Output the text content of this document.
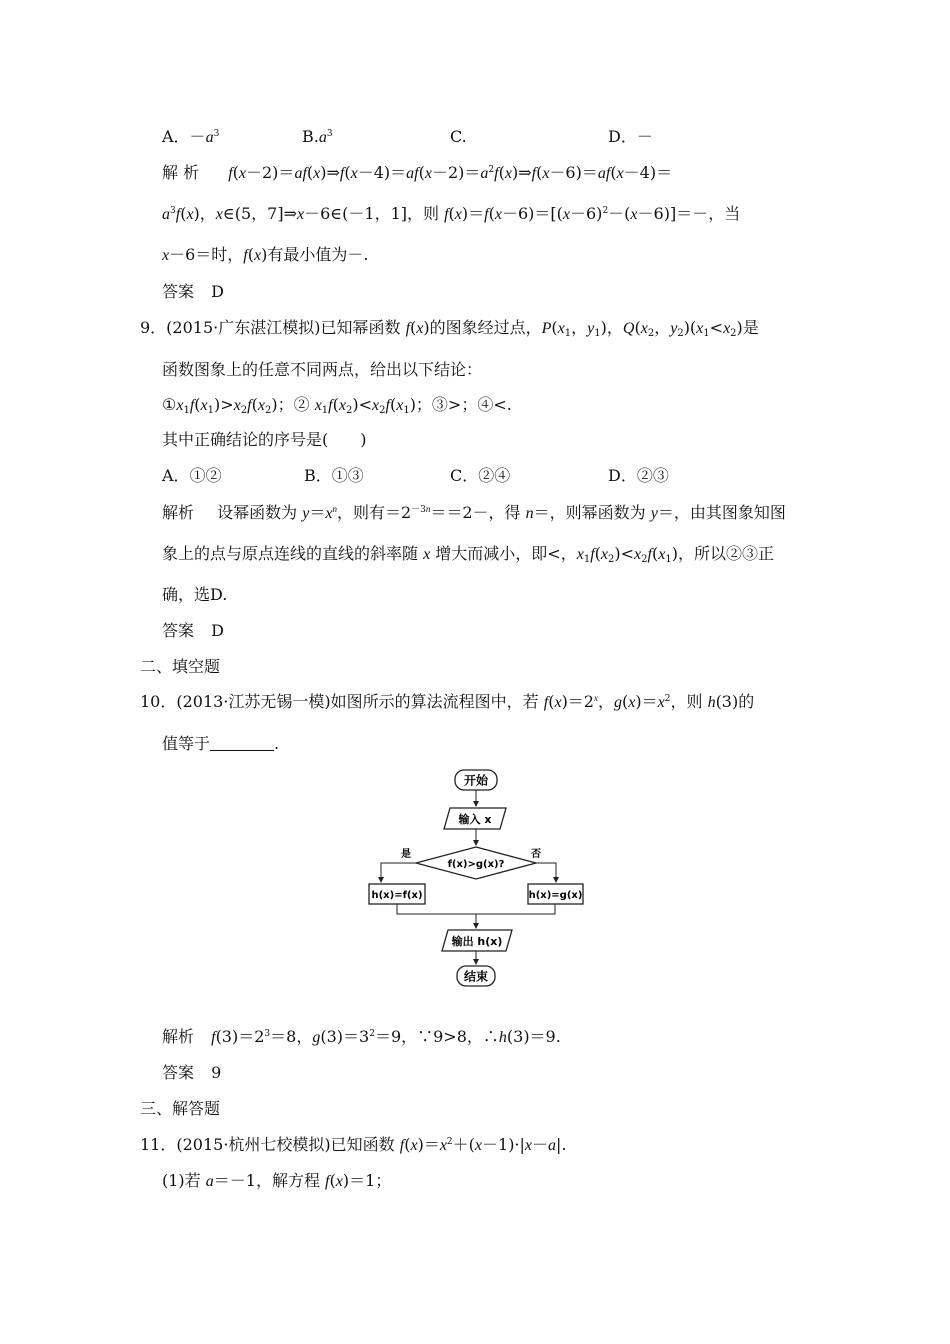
A．$-a^3$	$B.a^3$	C.	D．－
解 析 $f(x-2)=af(x)\Rightarrow f(x-4)=af(x-2)=a^2f(x)\Rightarrow f(x-6)=af(x-4)=$
$a^3f(x)$，x∈(5，7]⇒x－6∈(－1，1]，则 $f(x)=f(x-6)=[(x-6)^2-(x-6)]=-$，当
x－6＝时，f(x)有最小值为－.
答案 D
9．(2015·广东湛江模拟)已知幂函数 f(x)的图象经过点，$P(x_1$，$y_1$)，$Q(x_2$，$y_2)(x_1<x_2)$是
函数图象上的任意不同两点，给出以下结论：
$①x_1f(x_1)>x_2f(x_2)$；② $x_1f(x_2)<x_2f(x_1)$；③>；④<.
其中正确结论的序号是(　　)
A．①②	B．①③	C．②④	D．②③
解析 设幂函数为 $y=x^n$，则有$=2^{-3n}==2-$，得 n＝，则幂函数为 y＝，由其图象知图
象上的点与原点连线的直线的斜率随 x 增大而减小，即<，$x_1f(x_2)<x_2f(x_1)$，所以②③正
确，选D.
答案 D
二、填空题
10．(2013·江苏无锡一模)如图所示的算法流程图中，若 $f(x)=2^x$，$g(x)=x^2$，则 h(3)的
值等于	.
开始
输入 x
f(x)>g(x)?
是	否
h(x)=f(x)	h(x)=g(x)
输出 h(x)
结束
解析 $f(3)=2^3=8$，$g(3)=3^2=9$，∵9>8，∴h(3)＝9.
答案 9
三、解答题
11．(2015·杭州七校模拟)已知函数 $f(x)=x^2+(x-1)\cdot|x-a|$.
(1)若 a＝－1，解方程 f(x)＝1；
